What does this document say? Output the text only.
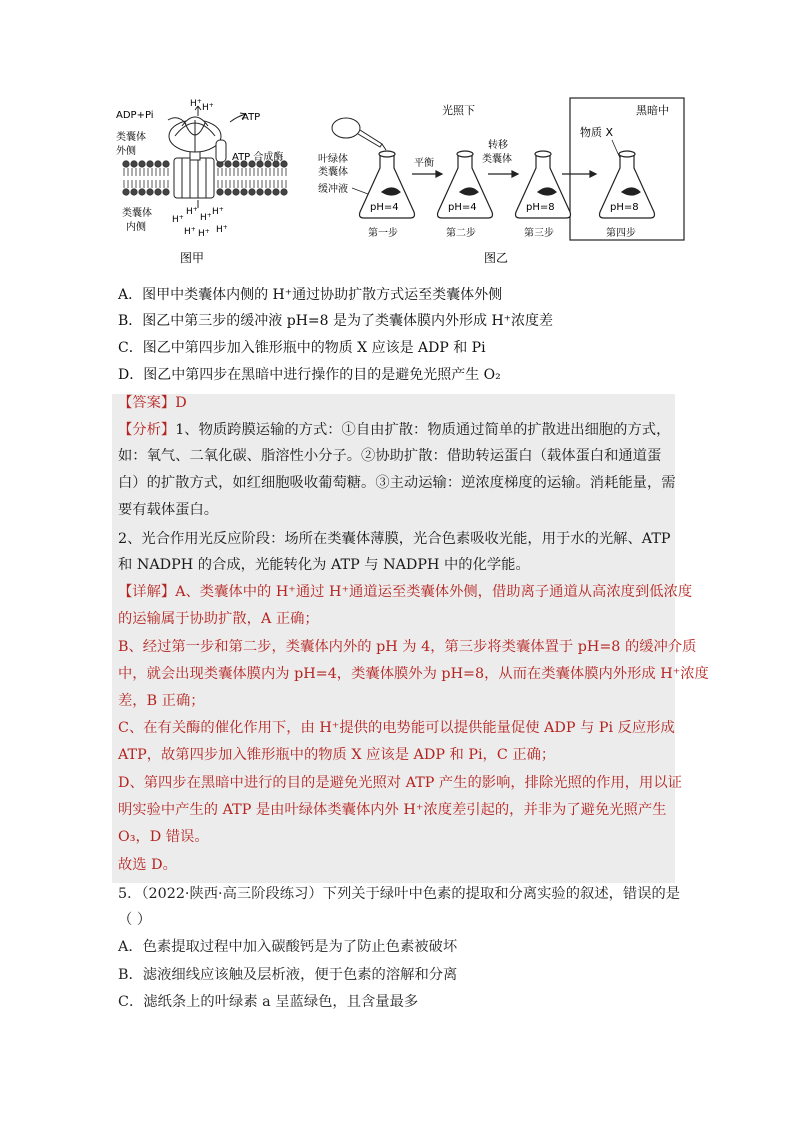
ADP+Pi
H+
H+
ATP
类囊体
外侧
ATP 合成酶
类囊体
内侧
H+
H+
H+ H+
H+ H+ H+
图甲
光照下
叶绿体
类囊体
缓冲液
黑暗中
物质 X
平衡
转移
类囊体
pH=4	pH=4	pH=8	pH=8
第一步	第二步	第三步	第四步
图乙
A．图甲中类囊体内侧的 H⁺通过协助扩散方式运至类囊体外侧
B．图乙中第三步的缓冲液 pH=8 是为了类囊体膜内外形成 H⁺浓度差
C．图乙中第四步加入锥形瓶中的物质 X 应该是 ADP 和 Pi
D．图乙中第四步在黑暗中进行操作的目的是避免光照产生 O₂
【答案】D
【分析】1、物质跨膜运输的方式：①自由扩散：物质通过简单的扩散进出细胞的方式，
如：氧气、二氧化碳、脂溶性小分子。②协助扩散：借助转运蛋白（载体蛋白和通道蛋
白）的扩散方式，如红细胞吸收葡萄糖。③主动运输：逆浓度梯度的运输。消耗能量，需
要有载体蛋白。
2、光合作用光反应阶段：场所在类囊体薄膜，光合色素吸收光能，用于水的光解、ATP
和 NADPH 的合成，光能转化为 ATP 与 NADPH 中的化学能。
【详解】A、类囊体中的 H⁺通过 H⁺通道运至类囊体外侧，借助离子通道从高浓度到低浓度
的运输属于协助扩散，A 正确；
B、经过第一步和第二步，类囊体内外的 pH 为 4，第三步将类囊体置于 pH=8 的缓冲介质
中，就会出现类囊体膜内为 pH=4，类囊体膜外为 pH=8，从而在类囊体膜内外形成 H⁺浓度
差，B 正确；
C、在有关酶的催化作用下，由 H⁺提供的电势能可以提供能量促使 ADP 与 Pi 反应形成
ATP，故第四步加入锥形瓶中的物质 X 应该是 ADP 和 Pi，C 正确；
D、第四步在黑暗中进行的目的是避免光照对 ATP 产生的影响，排除光照的作用，用以证
明实验中产生的 ATP 是由叶绿体类囊体内外 H⁺浓度差引起的，并非为了避免光照产生
O₃，D 错误。
故选 D。
5．（2022·陕西·高三阶段练习）下列关于绿叶中色素的提取和分离实验的叙述，错误的是
（ ）
A．色素提取过程中加入碳酸钙是为了防止色素被破坏
B．滤液细线应该触及层析液，便于色素的溶解和分离
C．滤纸条上的叶绿素 a 呈蓝绿色，且含量最多
